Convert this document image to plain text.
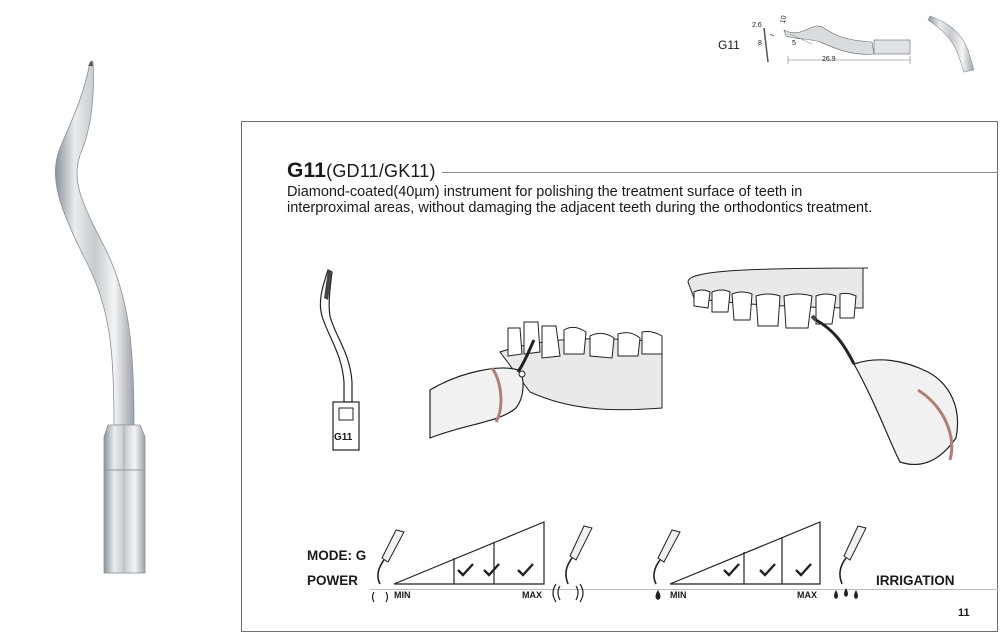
G11
2.6
8
10
5
26.9
G11(GD11/GK11)
Diamond-coated(40µm) instrument for polishing the treatment surface of teeth in
interproximal areas, without damaging the adjacent teeth during the orthodontics treatment.
G11
MODE: G
POWER	IRRIGATION
MIN	MAX	MIN	MAX
11
